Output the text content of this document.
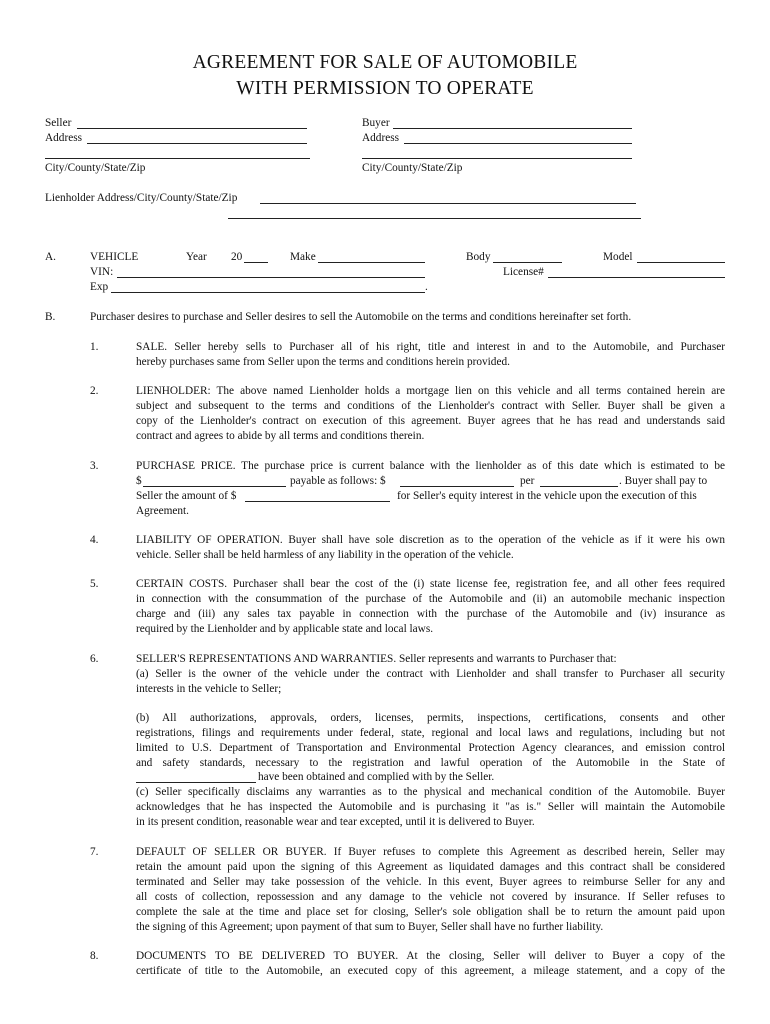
AGREEMENT FOR SALE OF AUTOMOBILE
WITH PERMISSION TO OPERATE
Seller
Address
City/County/State/Zip
Buyer
Address
City/County/State/Zip
Lienholder Address/City/County/State/Zip
A.	VEHICLE	Year 20	Make	Body	Model
VIN:	License#
Exp	.
B.	Purchaser desires to purchase and Seller desires to sell the Automobile on the terms and conditions hereinafter set forth.
1.	SALE. Seller hereby sells to Purchaser all of his right, title and interest in and to the Automobile, and Purchaser
hereby purchases same from Seller upon the terms and conditions herein provided.
2.	LIENHOLDER: The above named Lienholder holds a mortgage lien on this vehicle and all terms contained herein are
subject and subsequent to the terms and conditions of the Lienholder's contract with Seller. Buyer shall be given a
copy of the Lienholder's contract on execution of this agreement. Buyer agrees that he has read and understands said
contract and agrees to abide by all terms and conditions therein.
3.	PURCHASE PRICE. The purchase price is current balance with the lienholder as of this date which is estimated to be
$	payable as follows: $	per	. Buyer shall pay to
Seller the amount of $	for Seller's equity interest in the vehicle upon the execution of this
Agreement.
4.	LIABILITY OF OPERATION. Buyer shall have sole discretion as to the operation of the vehicle as if it were his own
vehicle. Seller shall be held harmless of any liability in the operation of the vehicle.
5.	CERTAIN COSTS. Purchaser shall bear the cost of the (i) state license fee, registration fee, and all other fees required
in connection with the consummation of the purchase of the Automobile and (ii) an automobile mechanic inspection
charge and (iii) any sales tax payable in connection with the purchase of the Automobile and (iv) insurance as
required by the Lienholder and by applicable state and local laws.
6.	SELLER'S REPRESENTATIONS AND WARRANTIES. Seller represents and warrants to Purchaser that:
(a) Seller is the owner of the vehicle under the contract with Lienholder and shall transfer to Purchaser all security
interests in the vehicle to Seller;
(b) All authorizations, approvals, orders, licenses, permits, inspections, certifications, consents and other
registrations, filings and requirements under federal, state, regional and local laws and regulations, including but not
limited to U.S. Department of Transportation and Environmental Protection Agency clearances, and emission control
and safety standards, necessary to the registration and lawful operation of the Automobile in the State of
have been obtained and complied with by the Seller.
(c) Seller specifically disclaims any warranties as to the physical and mechanical condition of the Automobile. Buyer
acknowledges that he has inspected the Automobile and is purchasing it "as is." Seller will maintain the Automobile
in its present condition, reasonable wear and tear excepted, until it is delivered to Buyer.
7.	DEFAULT OF SELLER OR BUYER. If Buyer refuses to complete this Agreement as described herein, Seller may
retain the amount paid upon the signing of this Agreement as liquidated damages and this contract shall be considered
terminated and Seller may take possession of the vehicle. In this event, Buyer agrees to reimburse Seller for any and
all costs of collection, repossession and any damage to the vehicle not covered by insurance. If Seller refuses to
complete the sale at the time and place set for closing, Seller's sole obligation shall be to return the amount paid upon
the signing of this Agreement; upon payment of that sum to Buyer, Seller shall have no further liability.
8.	DOCUMENTS TO BE DELIVERED TO BUYER. At the closing, Seller will deliver to Buyer a copy of the
certificate of title to the Automobile, an executed copy of this agreement, a mileage statement, and a copy of the
